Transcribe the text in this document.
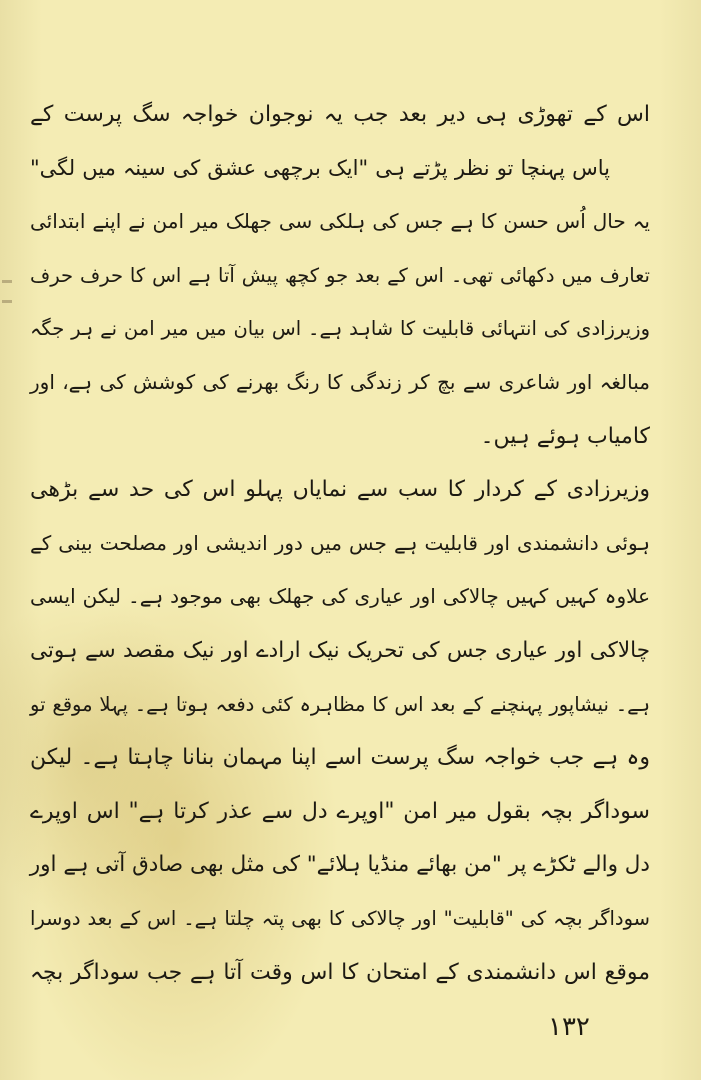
اس کے تھوڑی ہی دیر بعد جب یہ نوجوان خواجہ سگ پرست کے
پاس پہنچا تو نظر پڑتے ہی "ایک برچھی عشق کی سینہ میں لگی"
یہ حال اُس حسن کا ہے جس کی ہلکی سی جھلک میر امن نے اپنے ابتدائی
تعارف میں دکھائی تھی۔ اس کے بعد جو کچھ پیش آتا ہے اس کا حرف حرف
وزیرزادی کی انتہائی قابلیت کا شاہد ہے۔ اس بیان میں میر امن نے ہر جگہ
مبالغہ اور شاعری سے بچ کر زندگی کا رنگ بھرنے کی کوشش کی ہے، اور
کامیاب ہوئے ہیں۔
وزیرزادی کے کردار کا سب سے نمایاں پہلو اس کی حد سے بڑھی
ہوئی دانشمندی اور قابلیت ہے جس میں دور اندیشی اور مصلحت بینی کے
علاوہ کہیں کہیں چالاکی اور عیاری کی جھلک بھی موجود ہے۔ لیکن ایسی
چالاکی اور عیاری جس کی تحریک نیک ارادے اور نیک مقصد سے ہوتی
ہے۔ نیشاپور پہنچنے کے بعد اس کا مظاہرہ کئی دفعہ ہوتا ہے۔ پہلا موقع تو
وہ ہے جب خواجہ سگ پرست اسے اپنا مہمان بنانا چاہتا ہے۔ لیکن
سوداگر بچہ بقول میر امن "اوپرے دل سے عذر کرتا ہے" اس اوپرے
دل والے ٹکڑے پر "من بھائے منڈیا ہلائے" کی مثل بھی صادق آتی ہے اور
سوداگر بچہ کی "قابلیت" اور چالاکی کا بھی پتہ چلتا ہے۔ اس کے بعد دوسرا
موقع اس دانشمندی کے امتحان کا اس وقت آتا ہے جب سوداگر بچہ
۱۳۲
